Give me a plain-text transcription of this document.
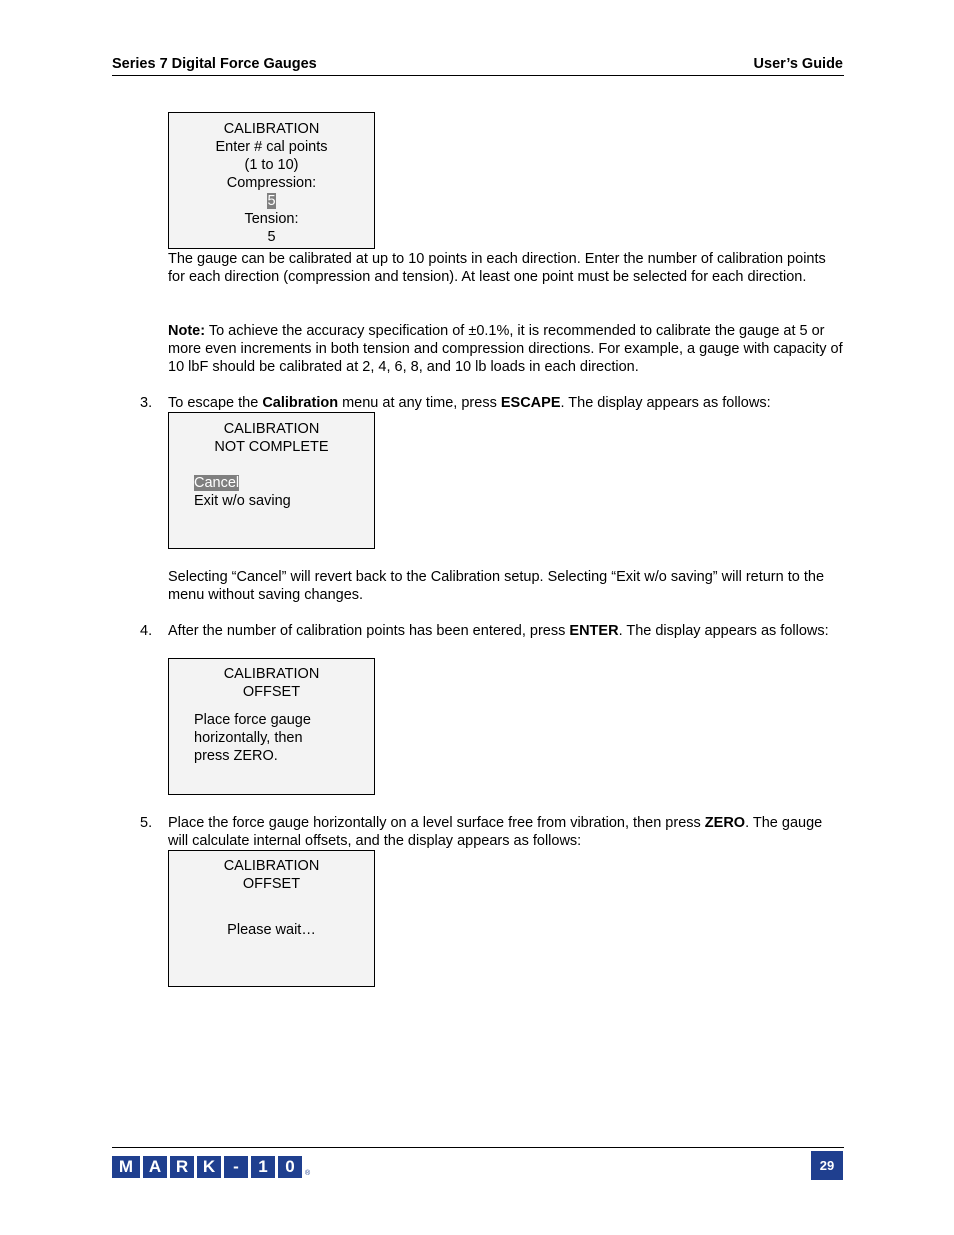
Series 7 Digital Force Gauges	User’s Guide
CALIBRATION
Enter # cal points
(1 to 10)
Compression:
5
Tension:
5
The gauge can be calibrated at up to 10 points in each direction. Enter the number of calibration points for each direction (compression and tension). At least one point must be selected for each direction.
Note: To achieve the accuracy specification of ±0.1%, it is recommended to calibrate the gauge at 5 or more even increments in both tension and compression directions. For example, a gauge with capacity of 10 lbF should be calibrated at 2, 4, 6, 8, and 10 lb loads in each direction.
3. To escape the Calibration menu at any time, press ESCAPE. The display appears as follows:
CALIBRATION
NOT COMPLETE
Cancel
Exit w/o saving
Selecting “Cancel” will revert back to the Calibration setup. Selecting “Exit w/o saving” will return to the menu without saving changes.
4. After the number of calibration points has been entered, press ENTER. The display appears as follows:
CALIBRATION
OFFSET
Place force gauge
horizontally, then
press ZERO.
5. Place the force gauge horizontally on a level surface free from vibration, then press ZERO. The gauge will calculate internal offsets, and the display appears as follows:
CALIBRATION
OFFSET
Please wait…
M A R K	-	1	0	®
29
